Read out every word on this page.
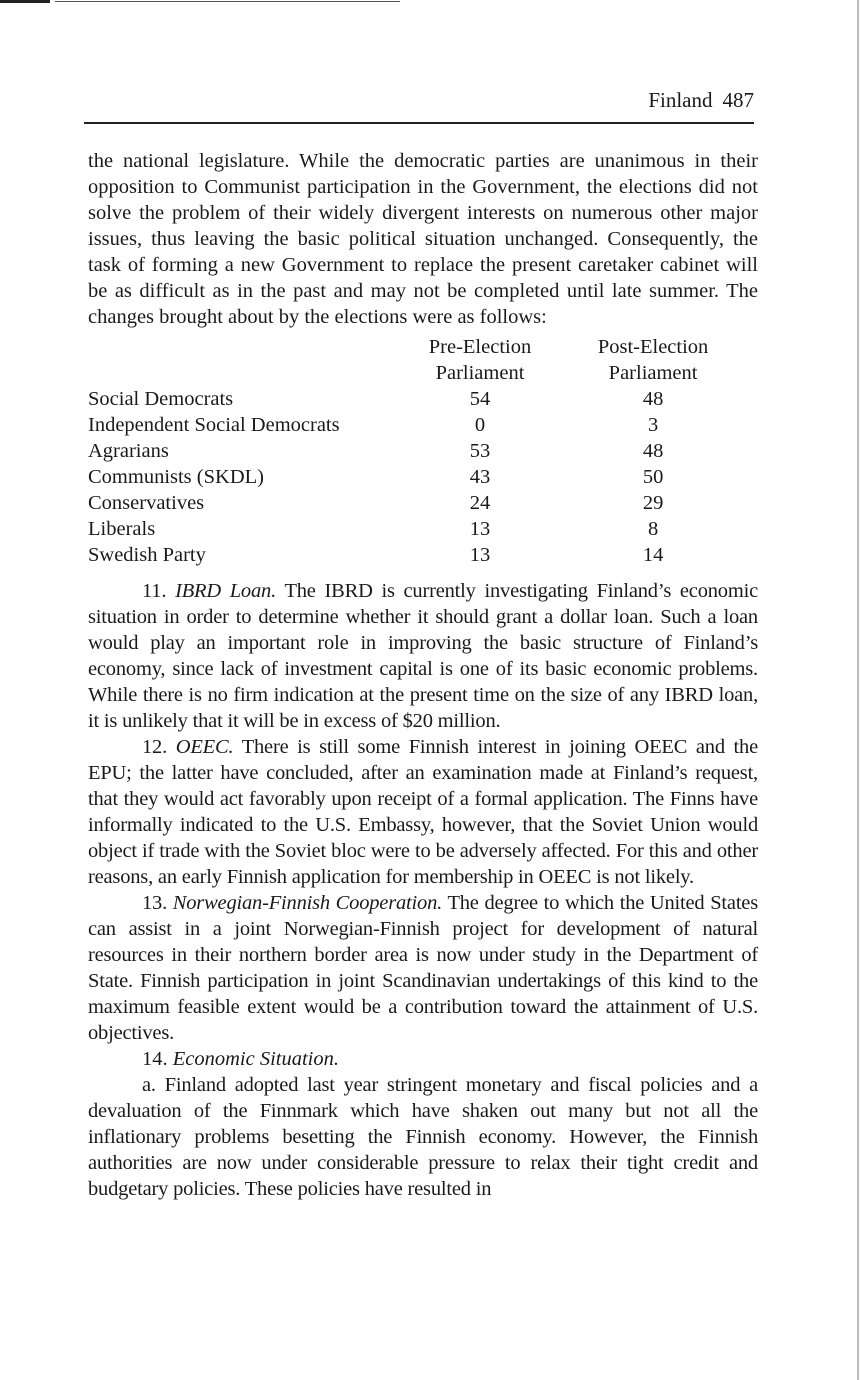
Finland 487

the national legislature. While the democratic parties are unanimous in their opposition to Communist participation in the Government, the elections did not solve the problem of their widely divergent interests on numerous other major issues, thus leaving the basic political situation unchanged. Consequently, the task of forming a new Government to replace the present caretaker cabinet will be as difficult as in the past and may not be completed until late summer. The changes brought about by the elections were as follows:

	Pre-Election	Post-Election
	Parliament	Parliament
Social Democrats	54	48
Independent Social Democrats	0	3
Agrarians	53	48
Communists (SKDL)	43	50
Conservatives	24	29
Liberals	13	8
Swedish Party	13	14

11. IBRD Loan. The IBRD is currently investigating Finland’s economic situation in order to determine whether it should grant a dollar loan. Such a loan would play an important role in improving the basic structure of Finland’s economy, since lack of investment capital is one of its basic economic problems. While there is no firm indication at the present time on the size of any IBRD loan, it is unlikely that it will be in excess of $20 million.

12. OEEC. There is still some Finnish interest in joining OEEC and the EPU; the latter have concluded, after an examination made at Finland’s request, that they would act favorably upon receipt of a formal application. The Finns have informally indicated to the U.S. Embassy, however, that the Soviet Union would object if trade with the Soviet bloc were to be adversely affected. For this and other reasons, an early Finnish application for membership in OEEC is not likely.

13. Norwegian-Finnish Cooperation. The degree to which the United States can assist in a joint Norwegian-Finnish project for development of natural resources in their northern border area is now under study in the Department of State. Finnish participation in joint Scandinavian undertakings of this kind to the maximum feasible extent would be a contribution toward the attainment of U.S. objectives.

14. Economic Situation.

a. Finland adopted last year stringent monetary and fiscal policies and a devaluation of the Finnmark which have shaken out many but not all the inflationary problems besetting the Finnish economy. However, the Finnish authorities are now under considerable pressure to relax their tight credit and budgetary policies. These policies have resulted in
